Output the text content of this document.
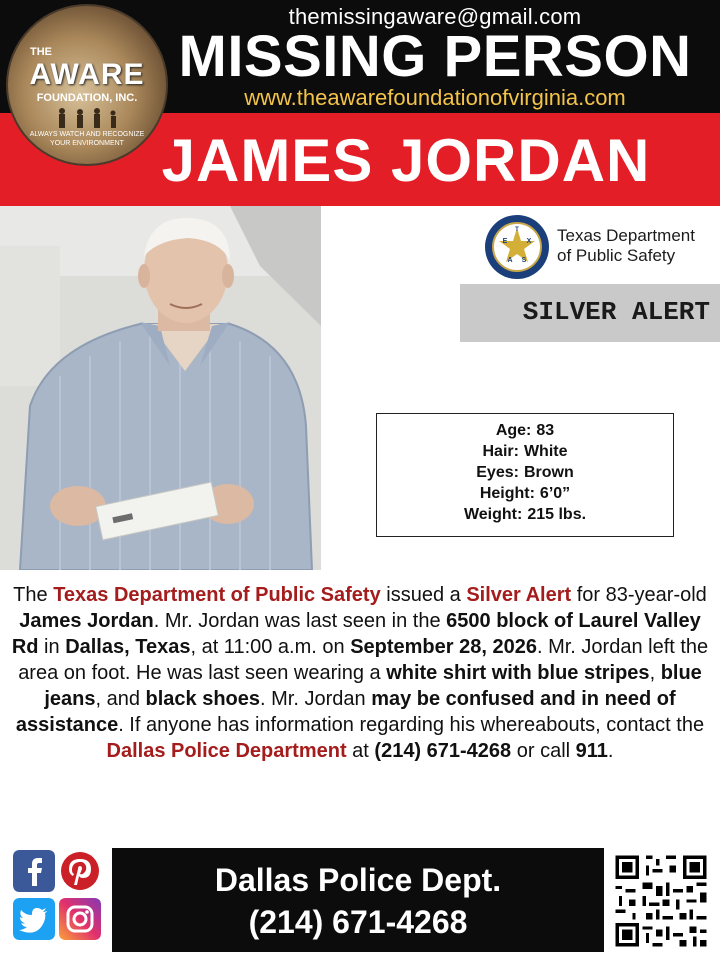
themissingaware@gmail.com
MISSING PERSON
www.theawarefoundationofvirginia.com
JAMES JORDAN
THE
AWARE
FOUNDATION, INC.
ALWAYS WATCH AND RECOGNIZE YOUR ENVIRONMENT
T
E	X
A S
Texas Department
of Public Safety
SILVER ALERT
Age: 83
Hair: White
Eyes: Brown
Height: 6’0”
Weight: 215 lbs.
The Texas Department of Public Safety issued a Silver Alert for 83-year-old James Jordan. Mr. Jordan was last seen in the 6500 block of Laurel Valley Rd in Dallas, Texas, at 11:00 a.m. on September 28, 2026. Mr. Jordan left the area on foot. He was last seen wearing a white shirt with blue stripes, blue jeans, and black shoes. Mr. Jordan may be confused and in need of assistance. If anyone has information regarding his whereabouts, contact the Dallas Police Department at (214) 671-4268 or call 911.
Dallas Police Dept.
(214) 671-4268
